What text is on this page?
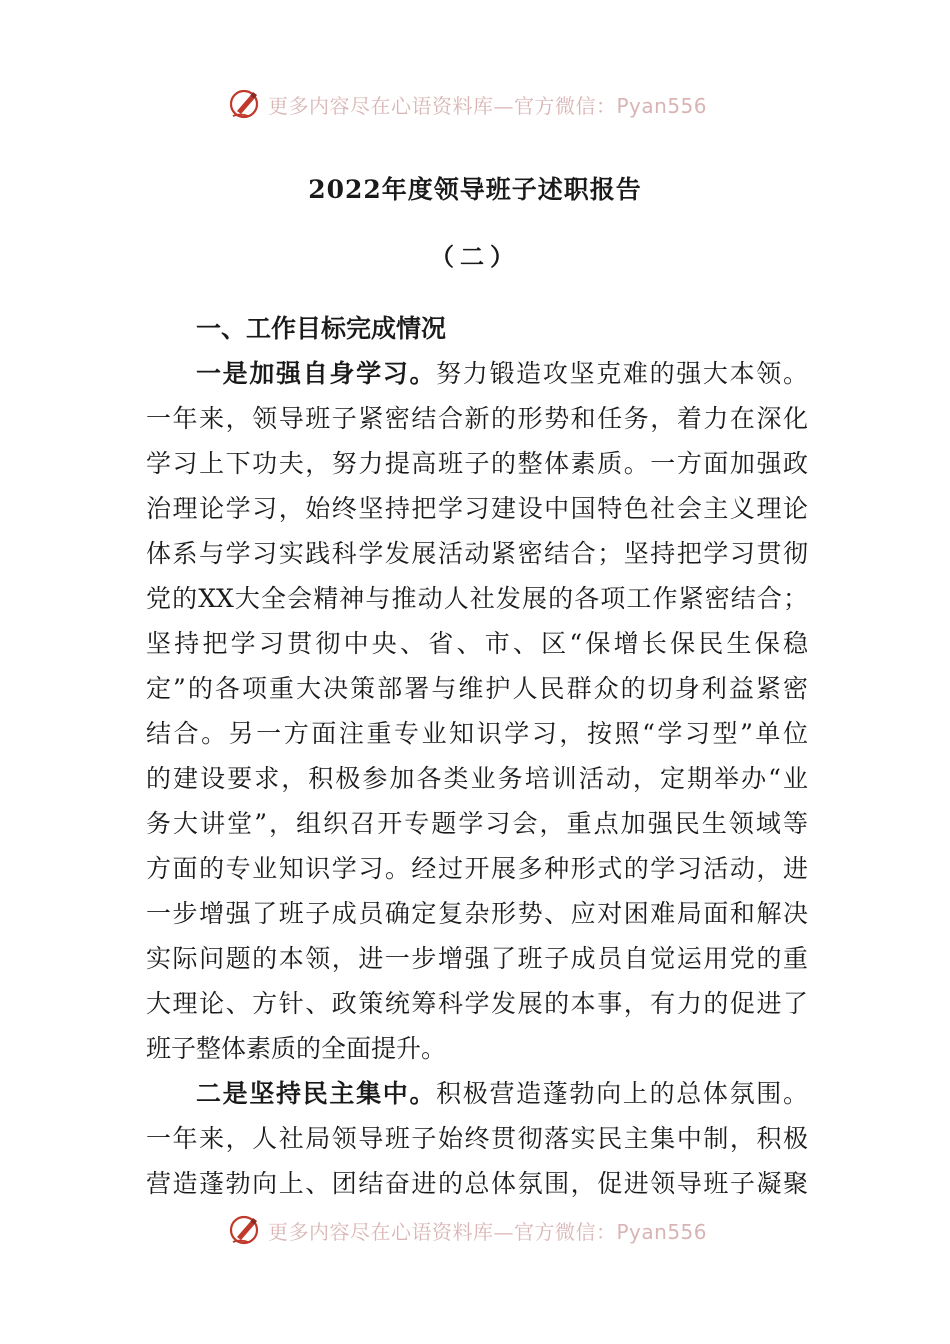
更多内容尽在心语资料库—官方微信：Pyan556
2022年度领导班子述职报告
（二）
一、工作目标完成情况
一是加强自身学习。努力锻造攻坚克难的强大本领。
一年来，领导班子紧密结合新的形势和任务，着力在深化
学习上下功夫，努力提高班子的整体素质。一方面加强政
治理论学习，始终坚持把学习建设中国特色社会主义理论
体系与学习实践科学发展活动紧密结合；坚持把学习贯彻
党的XX大全会精神与推动人社发展的各项工作紧密结合；
坚持把学习贯彻中央、省、市、区“保增长保民生保稳
定”的各项重大决策部署与维护人民群众的切身利益紧密
结合。另一方面注重专业知识学习，按照“学习型”单位
的建设要求，积极参加各类业务培训活动，定期举办“业
务大讲堂”，组织召开专题学习会，重点加强民生领域等
方面的专业知识学习。经过开展多种形式的学习活动，进
一步增强了班子成员确定复杂形势、应对困难局面和解决
实际问题的本领，进一步增强了班子成员自觉运用党的重
大理论、方针、政策统筹科学发展的本事，有力的促进了
班子整体素质的全面提升。
二是坚持民主集中。积极营造蓬勃向上的总体氛围。
一年来，人社局领导班子始终贯彻落实民主集中制，积极
营造蓬勃向上、团结奋进的总体氛围，促进领导班子凝聚
更多内容尽在心语资料库—官方微信：Pyan556
